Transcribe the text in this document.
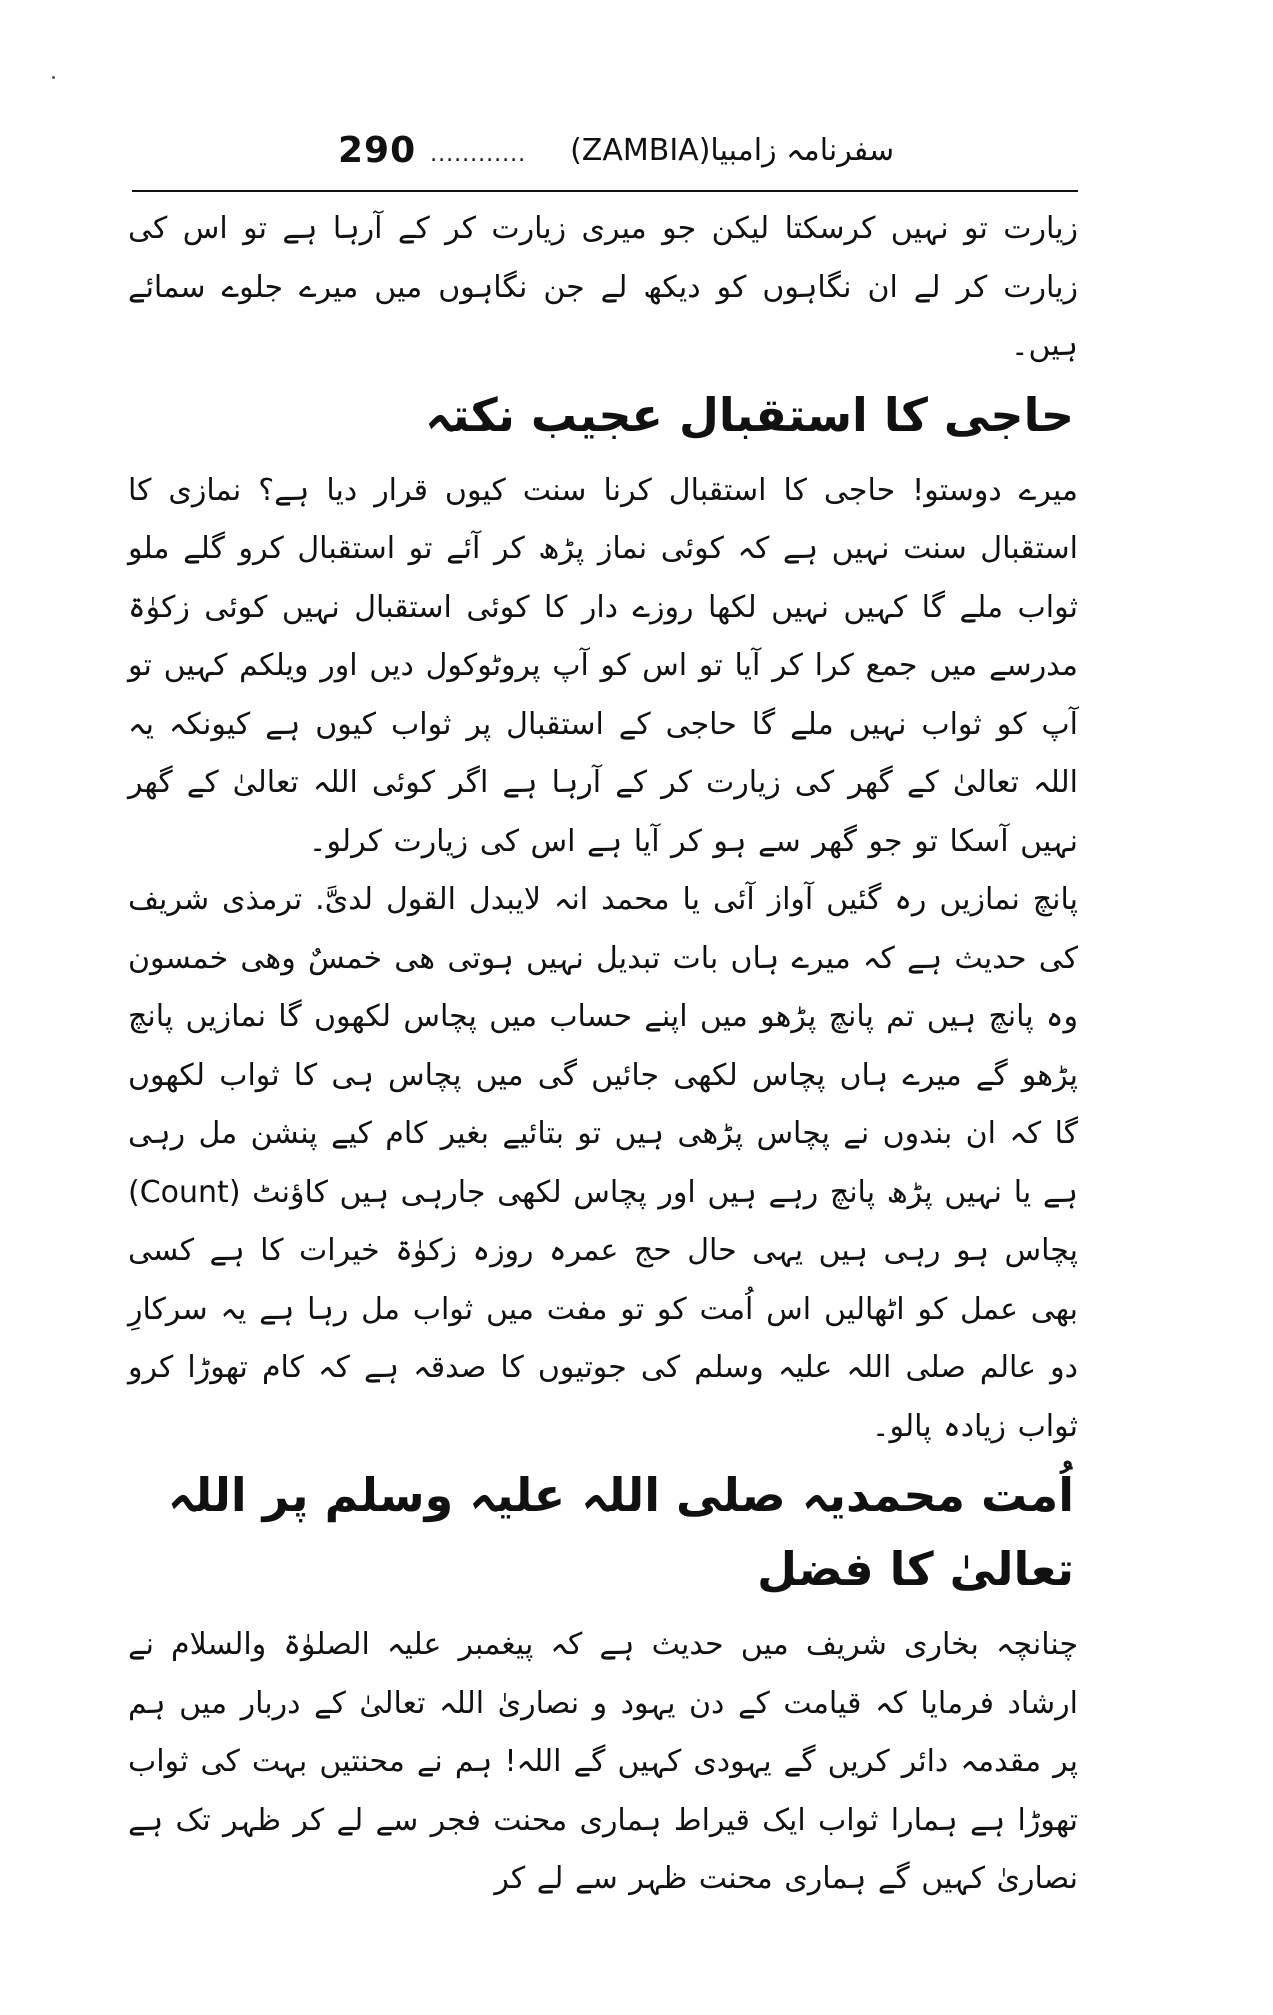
290 ............ سفرنامہ زامبیا(ZAMBIA)

زیارت تو نہیں کرسکتا لیکن جو میری زیارت کر کے آرہا ہے تو اس کی زیارت کر لے ان نگاہوں کو دیکھ لے جن نگاہوں میں میرے جلوے سمائے ہیں۔

حاجی کا استقبال عجیب نکتہ

میرے دوستو! حاجی کا استقبال کرنا سنت کیوں قرار دیا ہے؟ نمازی کا استقبال سنت نہیں ہے کہ کوئی نماز پڑھ کر آئے تو استقبال کرو گلے ملو ثواب ملے گا کہیں نہیں لکھا روزے دار کا کوئی استقبال نہیں کوئی زکوٰۃ مدرسے میں جمع کرا کر آیا تو اس کو آپ پروٹوکول دیں اور ویلکم کہیں تو آپ کو ثواب نہیں ملے گا حاجی کے استقبال پر ثواب کیوں ہے کیونکہ یہ اللہ تعالیٰ کے گھر کی زیارت کر کے آرہا ہے اگر کوئی اللہ تعالیٰ کے گھر نہیں آسکا تو جو گھر سے ہو کر آیا ہے اس کی زیارت کرلو۔

پانچ نمازیں رہ گئیں آواز آئی یا محمد انہ لایبدل القول لدیَّ. ترمذی شریف کی حدیث ہے کہ میرے ہاں بات تبدیل نہیں ہوتی ھی خمسٌ وھی خمسون وہ پانچ ہیں تم پانچ پڑھو میں اپنے حساب میں پچاس لکھوں گا نمازیں پانچ پڑھو گے میرے ہاں پچاس لکھی جائیں گی میں پچاس ہی کا ثواب لکھوں گا کہ ان بندوں نے پچاس پڑھی ہیں تو بتائیے بغیر کام کیے پنشن مل رہی ہے یا نہیں پڑھ پانچ رہے ہیں اور پچاس لکھی جارہی ہیں کاؤنٹ (Count) پچاس ہو رہی ہیں یہی حال حج عمرہ روزہ زکوٰۃ خیرات کا ہے کسی بھی عمل کو اٹھالیں اس اُمت کو تو مفت میں ثواب مل رہا ہے یہ سرکارِ دو عالم صلی اللہ علیہ وسلم کی جوتیوں کا صدقہ ہے کہ کام تھوڑا کرو ثواب زیادہ پالو۔

اُمت محمدیہ صلی اللہ علیہ وسلم پر اللہ تعالیٰ کا فضل

چنانچہ بخاری شریف میں حدیث ہے کہ پیغمبر علیہ الصلوٰۃ والسلام نے ارشاد فرمایا کہ قیامت کے دن یہود و نصاریٰ اللہ تعالیٰ کے دربار میں ہم پر مقدمہ دائر کریں گے یہودی کہیں گے اللہ! ہم نے محنتیں بہت کی ثواب تھوڑا ہے ہمارا ثواب ایک قیراط ہماری محنت فجر سے لے کر ظہر تک ہے نصاریٰ کہیں گے ہماری محنت ظہر سے لے کر
